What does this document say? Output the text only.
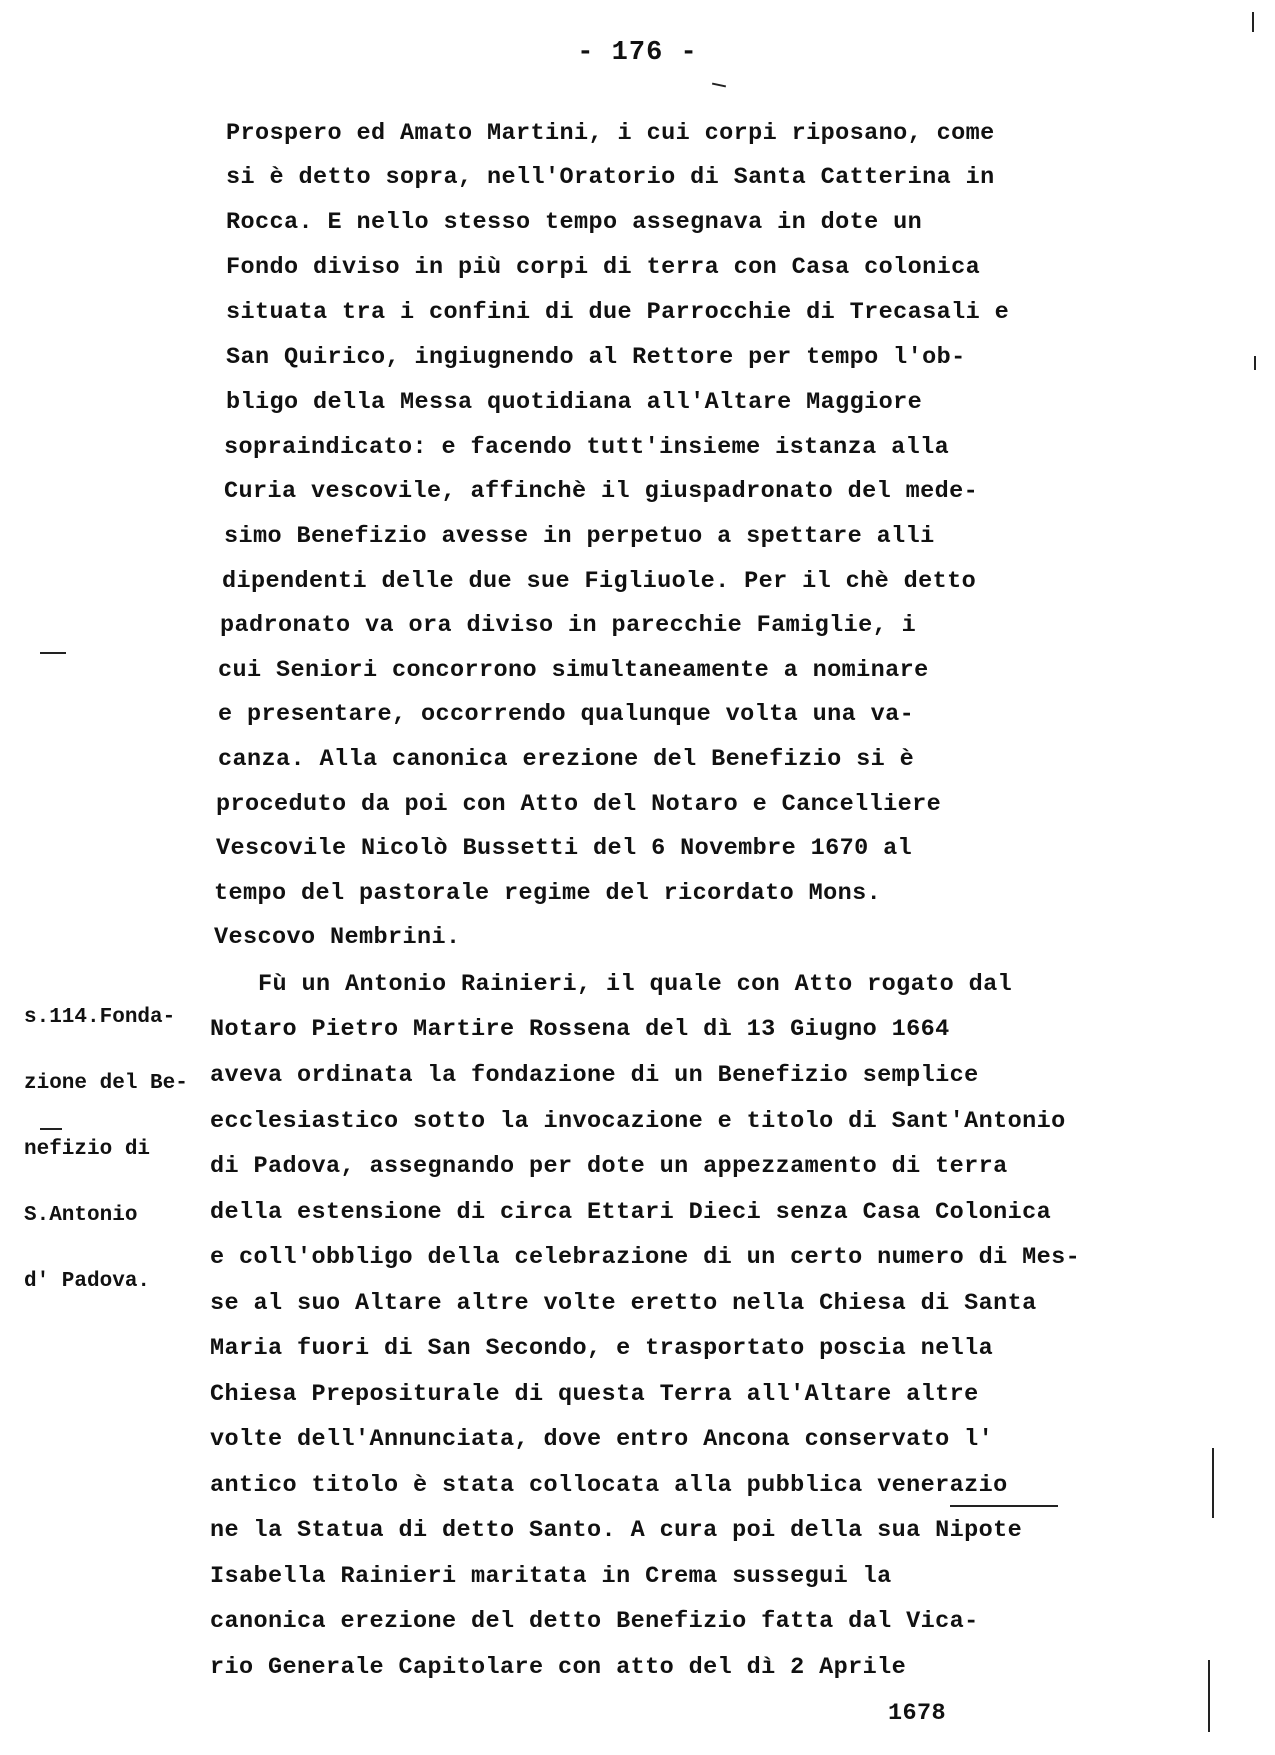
- 176 -

s.114.Fonda-

zione del Be-

nefizio di

S.Antonio

d' Padova.

Prospero ed Amato Martini, i cui corpi riposano, come
si è detto sopra, nell'Oratorio di Santa Catterina in
Rocca. E nello stesso tempo assegnava in dote un
Fondo diviso in più corpi di terra con Casa colonica
situata tra i confini di due Parrocchie di Trecasali e
San Quirico, ingiugnendo al Rettore per tempo l'ob-
bligo della Messa quotidiana all'Altare Maggiore
sopraindicato: e facendo tutt'insieme istanza alla
Curia vescovile, affinchè il giuspadronato del mede-
simo Benefizio avesse in perpetuo a spettare alli
dipendenti delle due sue Figliuole. Per il chè detto
padronato va ora diviso in parecchie Famiglie, i
cui Seniori concorrono simultaneamente a nominare
e presentare, occorrendo qualunque volta una va-
canza. Alla canonica erezione del Benefizio si è
proceduto da poi con Atto del Notaro e Cancelliere
Vescovile Nicolò Bussetti del 6 Novembre 1670 al
tempo del pastorale regime del ricordato Mons.
Vescovo Nembrini.
Fù un Antonio Rainieri, il quale con Atto rogato dal
Notaro Pietro Martire Rossena del dì 13 Giugno 1664
aveva ordinata la fondazione di un Benefizio semplice
ecclesiastico sotto la invocazione e titolo di Sant'Antonio
di Padova, assegnando per dote un appezzamento di terra
della estensione di circa Ettari Dieci senza Casa Colonica
e coll'obbligo della celebrazione di un certo numero di Mes-
se al suo Altare altre volte eretto nella Chiesa di Santa
Maria fuori di San Secondo, e trasportato poscia nella
Chiesa Prepositurale di questa Terra all'Altare altre
volte dell'Annunciata, dove entro Ancona conservato l'
antico titolo è stata collocata alla pubblica venerazio
ne la Statua di detto Santo. A cura poi della sua Nipote
Isabella Rainieri maritata in Crema sussegui la
canonica erezione del detto Benefizio fatta dal Vica-
rio Generale Capitolare con atto del dì 2 Aprile
1678
